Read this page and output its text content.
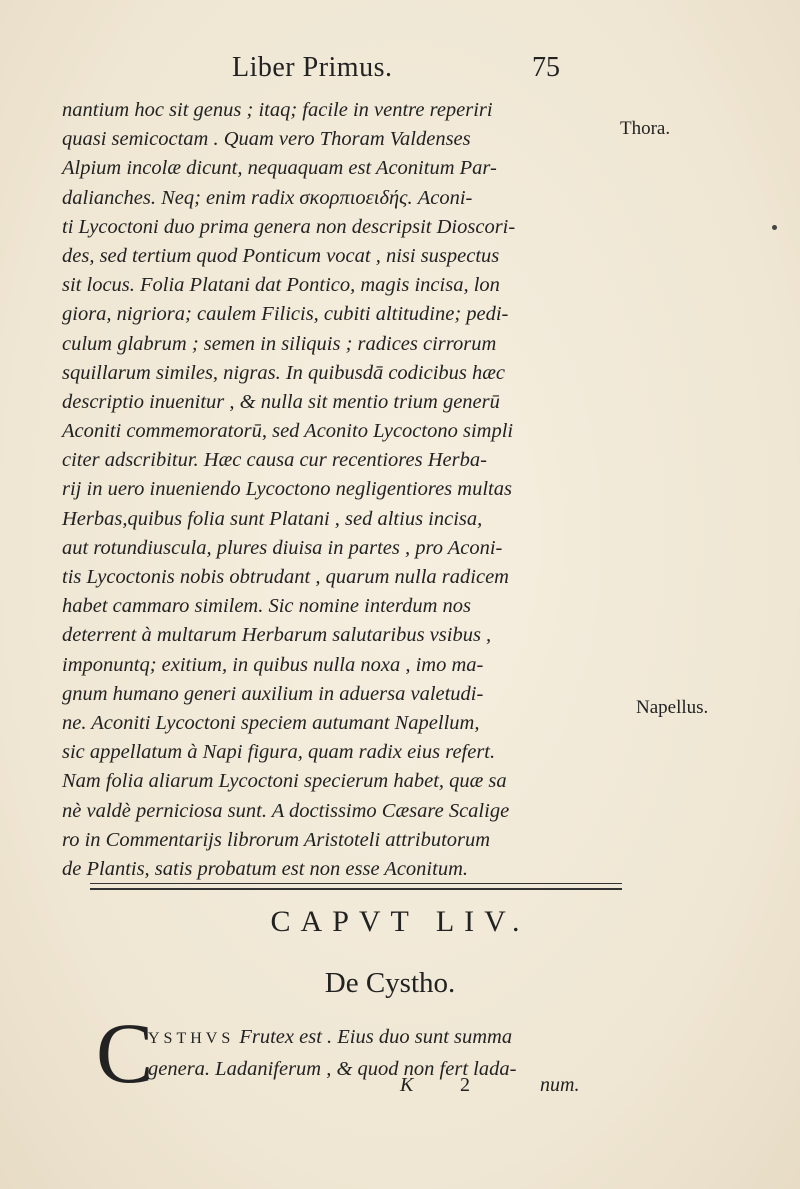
Liber Primus.	75
nantium hoc sit genus ; itaq; facile in ventre reperiri
quasi semicoctam . Quam vero Thoram Valdenses
Alpium incolæ dicunt, nequaquam est Aconitum Par-
dalianches. Neq; enim radix σκορπιοειδής. Aconi-
ti Lycoctoni duo prima genera non descripsit Dioscori-
des, sed tertium quod Ponticum vocat , nisi suspectus
sit locus. Folia Platani dat Pontico, magis incisa, lon
giora, nigriora; caulem Filicis, cubiti altitudine; pedi-
culum glabrum ; semen in siliquis ; radices cirrorum
squillarum similes, nigras. In quibusdā codicibus hæc
descriptio inuenitur , & nulla sit mentio trium generū
Aconiti commemoratorū, sed Aconito Lycoctono simpli
citer adscribitur. Hæc causa cur recentiores Herba-
rij in uero inueniendo Lycoctono negligentiores multas
Herbas,quibus folia sunt Platani , sed altius incisa,
aut rotundiuscula, plures diuisa in partes , pro Aconi-
tis Lycoctonis nobis obtrudant , quarum nulla radicem
habet cammaro similem. Sic nomine interdum nos
deterrent à multarum Herbarum salutaribus vsibus ,
imponuntq; exitium, in quibus nulla noxa , imo ma-
gnum humano generi auxilium in aduersa valetudi-
ne. Aconiti Lycoctoni speciem autumant Napellum,
sic appellatum à Napi figura, quam radix eius refert.
Nam folia aliarum Lycoctoni specierum habet, quæ sa
nè valdè perniciosa sunt. A doctissimo Cæsare Scalige
ro in Commentarijs librorum Aristoteli attributorum
de Plantis, satis probatum est non esse Aconitum.
Thora.
Napellus.
CAPVT LIV.
De Cystho.
C
YSTHVS Frutex est . Eius duo sunt summa
genera. Ladaniferum , & quod non fert lada-
K 2	num.
